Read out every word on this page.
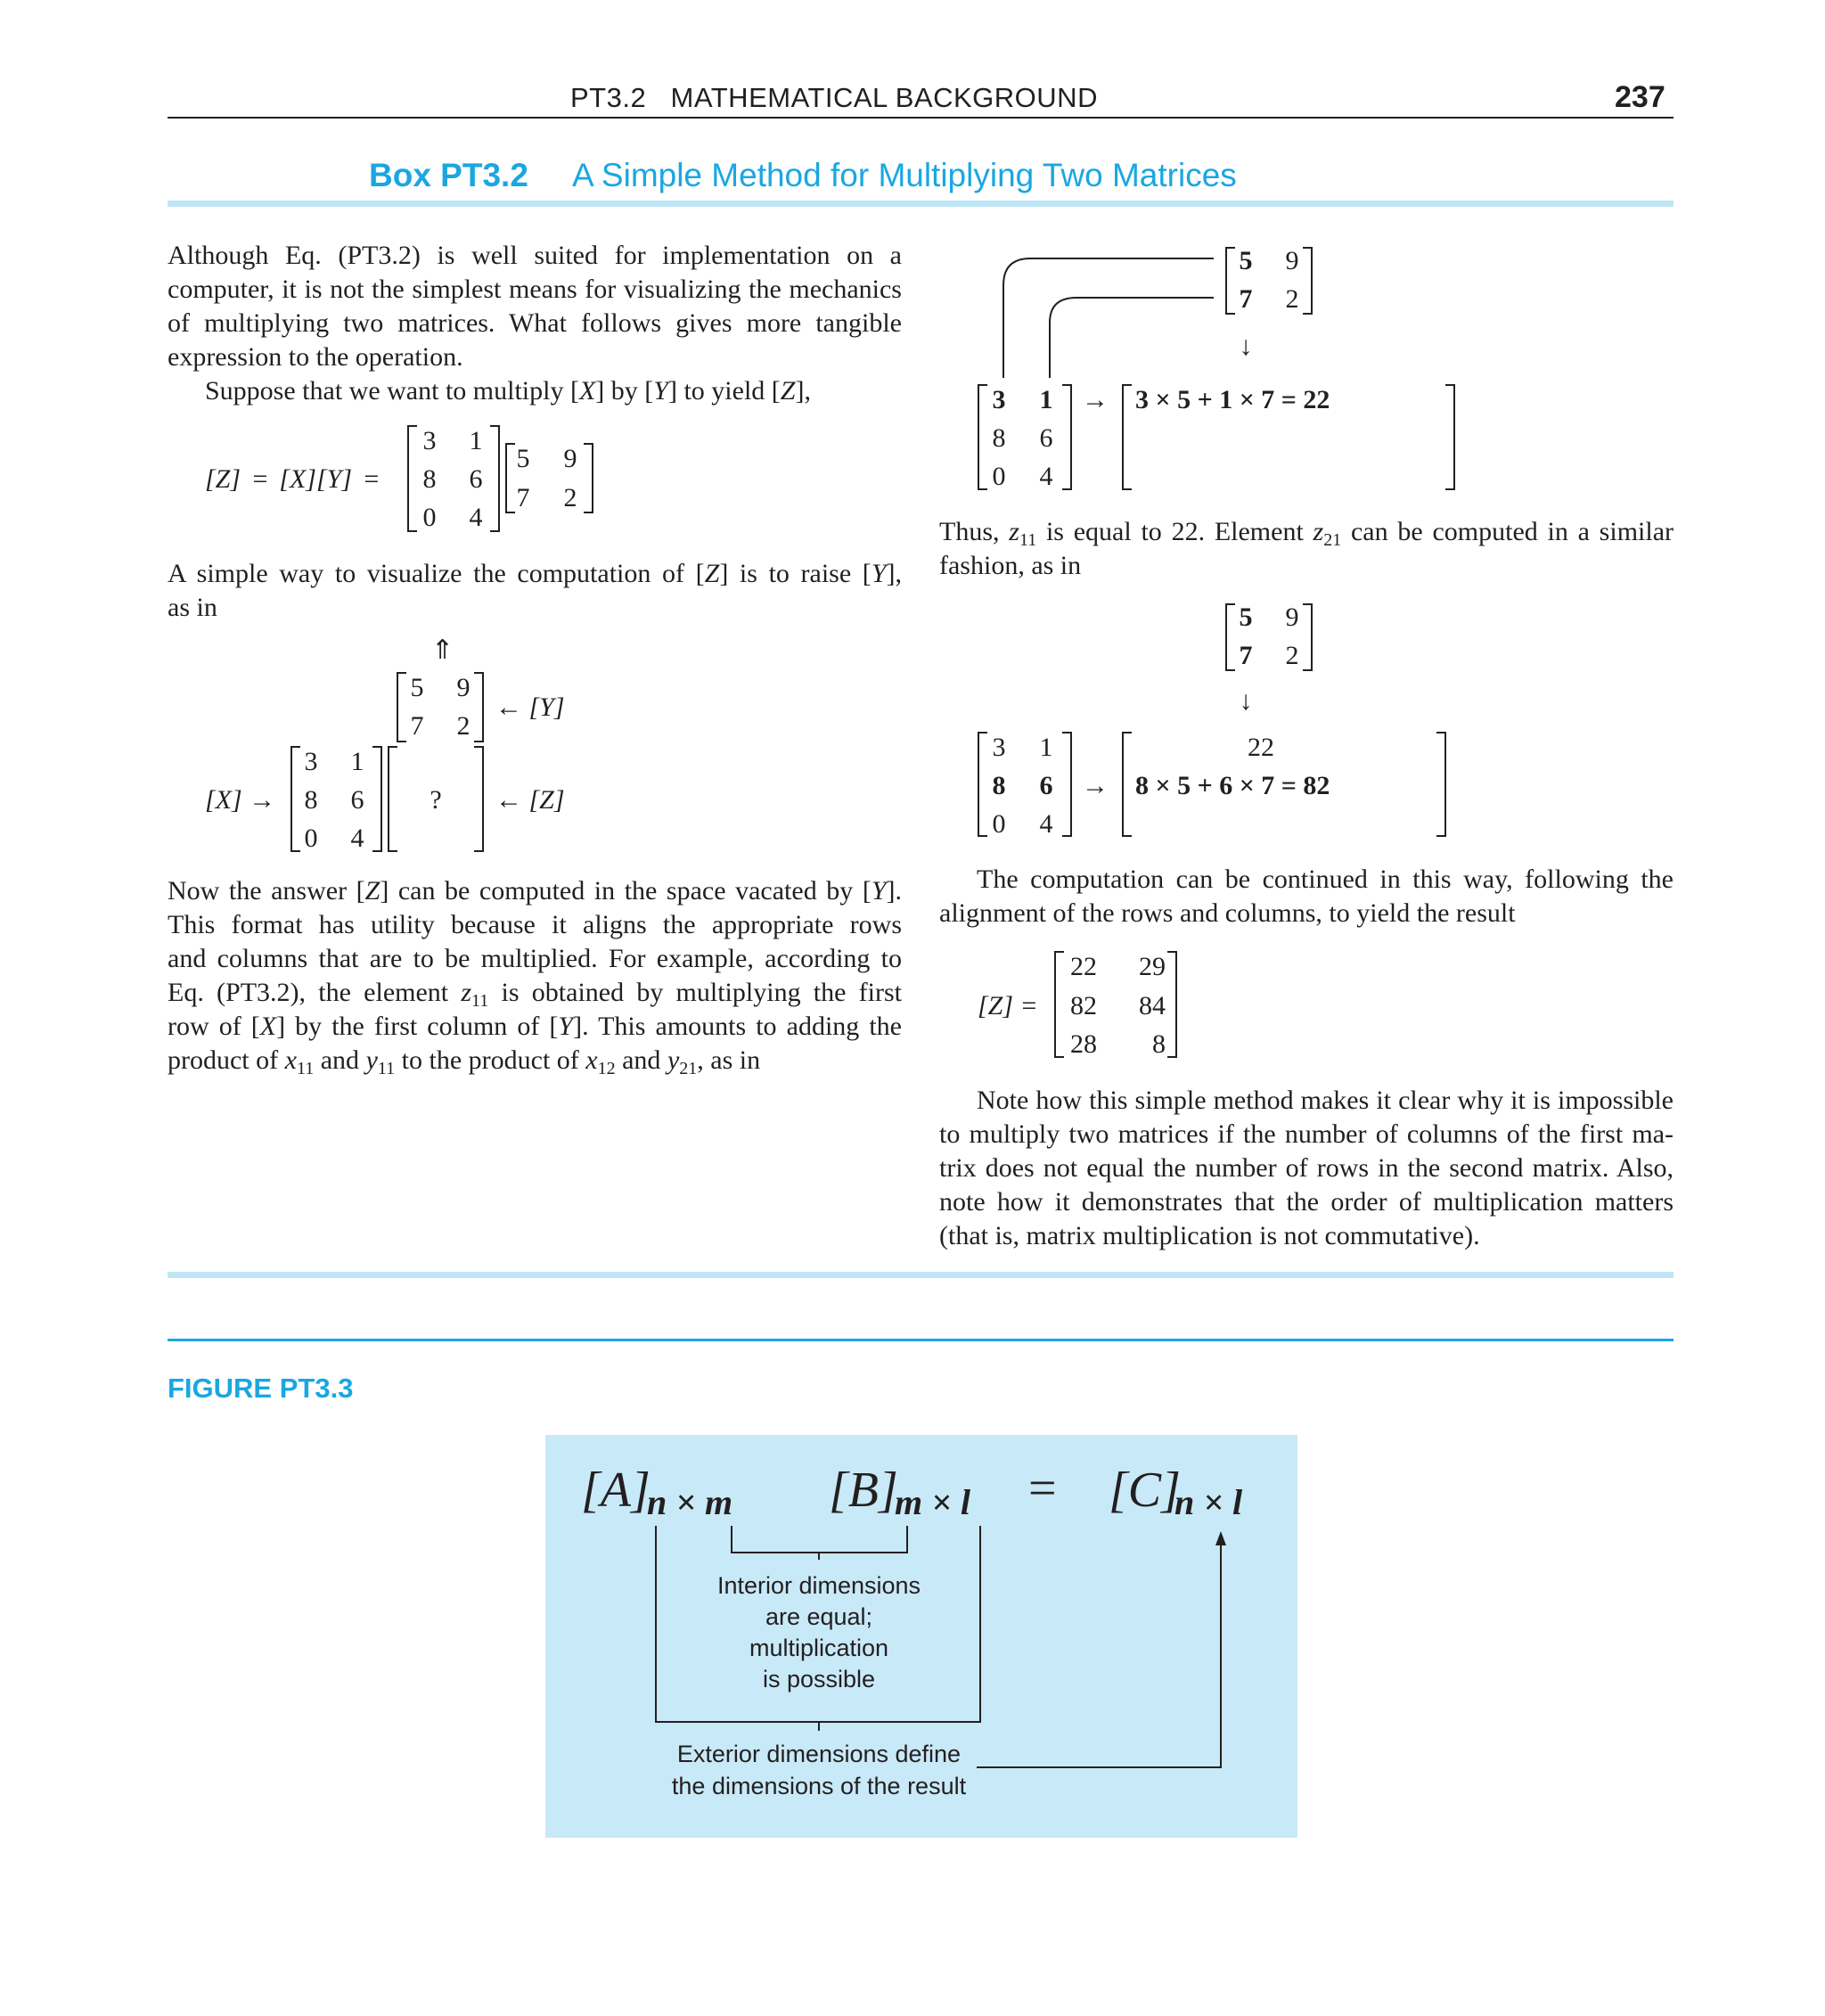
PT3.2   MATHEMATICAL BACKGROUND	237
Box PT3.2 A Simple Method for Multiplying Two Matrices

Although Eq. (PT3.2) is well suited for implementation on a

computer, it is not the simplest means for visualizing the mechanics

of multiplying two matrices. What follows gives more tangible

expression to the operation.

Suppose that we want to multiply [X] by [Y] to yield [Z],

[Z] = [X][Y] =
3	1
8	6
0	4
5	9
7	2

A simple way to visualize the computation of [Z] is to raise [Y],

as in

⇑
5	9
7	2
← [Y]
3	1
8	6
0	4
[X] →	?	← [Z]

Now the answer [Z] can be computed in the space vacated by [Y].

This format has utility because it aligns the appropriate rows

and columns that are to be multiplied. For example, according to

Eq. (PT3.2), the element $z_{11}$ is obtained by multiplying the first

row of [X] by the first column of [Y]. This amounts to adding the

product of $x_{11}$ and $y_{11}$ to the product of $x_{12}$ and $y_{21}$, as in

5	9
7	2
↓
3	1
8	6
0	4
→ 3 × 5 + 1 × 7 = 22

Thus, $z_{11}$ is equal to 22. Element $z_{21}$ can be computed in a similar

fashion, as in

5	9
7	2
↓
3	1
8	6
0	4
22
→ 8 × 5 + 6 × 7 = 82

The computation can be continued in this way, following the

alignment of the rows and columns, to yield the result

[Z] =
22	29
82	84
28	8

Note how this simple method makes it clear why it is impossible

to multiply two matrices if the number of columns of the first ma-

trix does not equal the number of rows in the second matrix. Also,

note how it demonstrates that the order of multiplication matters

(that is, matrix multiplication is not commutative).

FIGURE PT3.3
[A]
n × m [B]
m × l = [C]
n × l
Interior dimensions
are equal;
multiplication
is possible
Exterior dimensions define
the dimensions of the result
